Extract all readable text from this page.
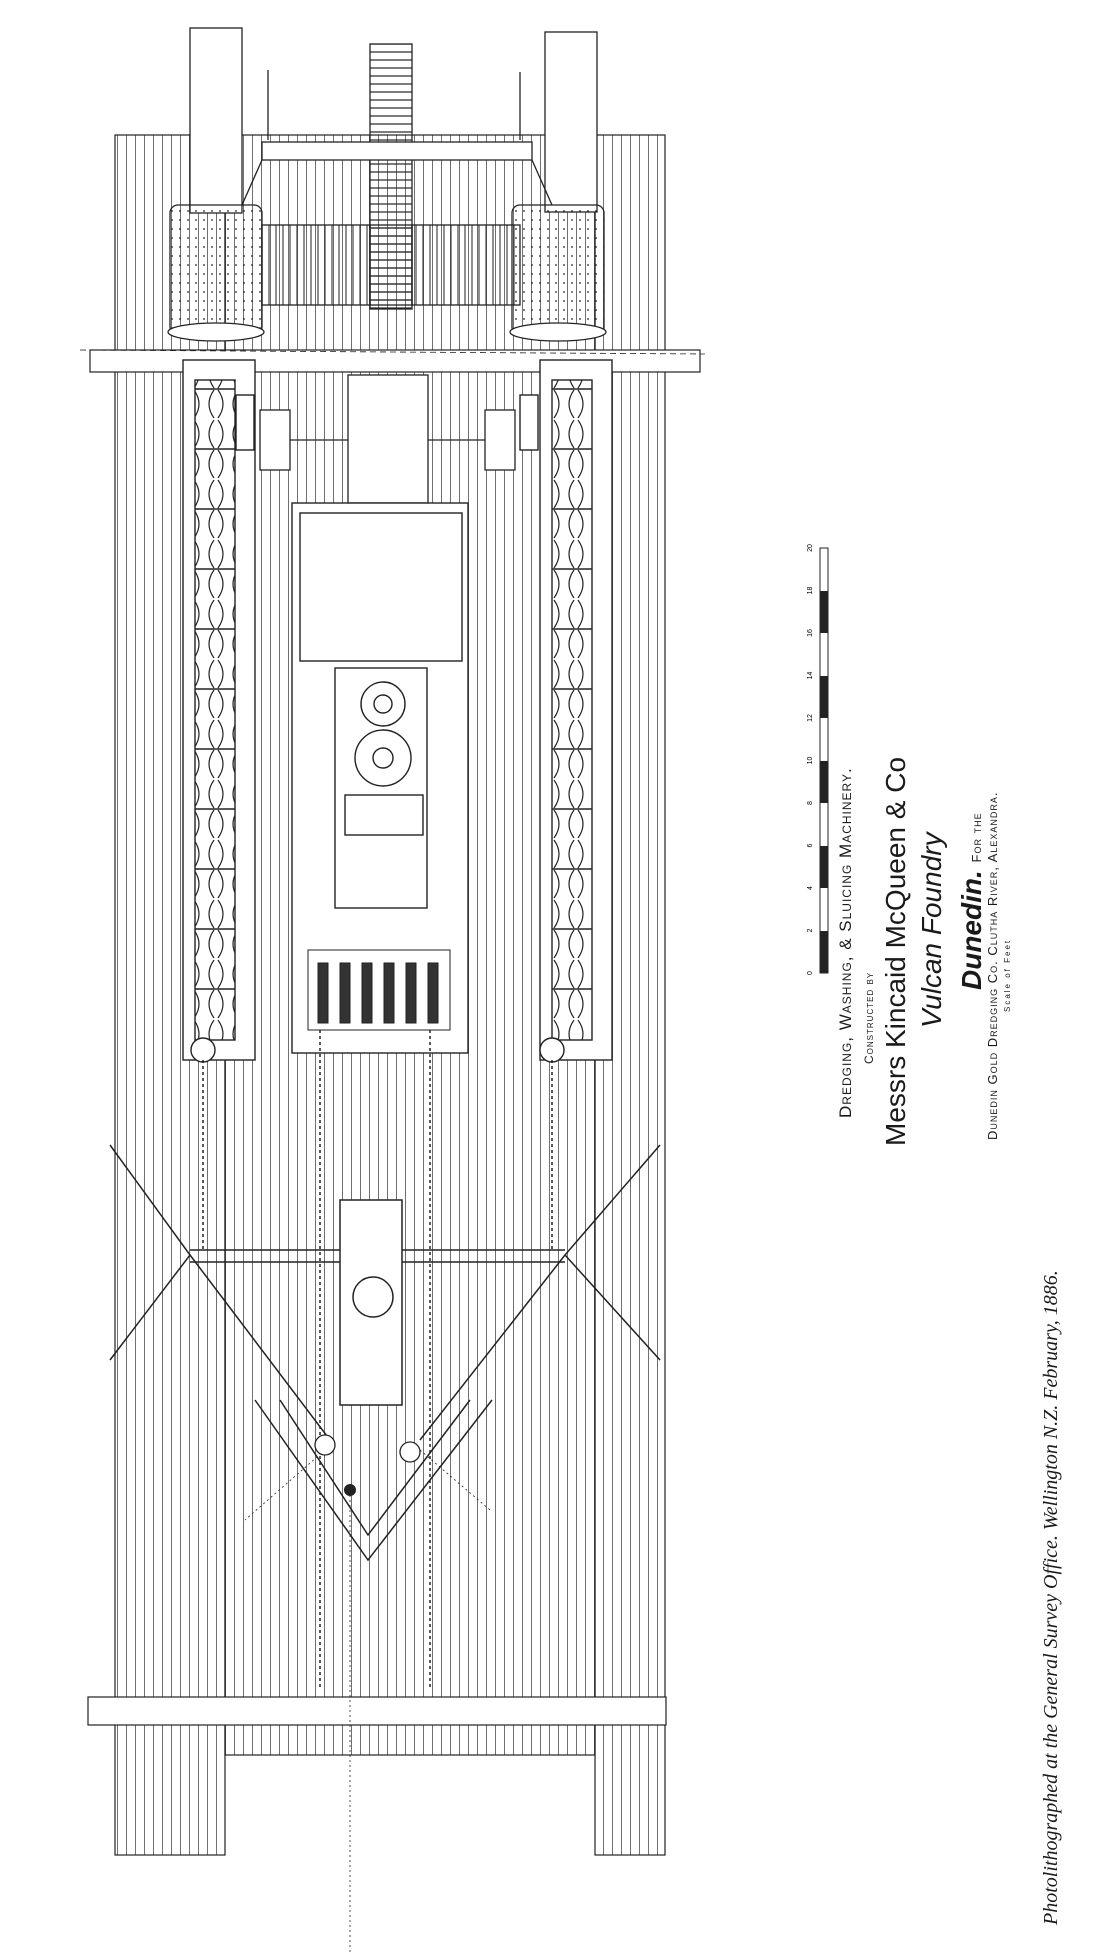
0
2
4
6
8
10
12
14
16
18
20
Dredging, Washing, & Sluicing Machinery. Constructed by Messrs Kincaid McQueen & Co Vulcan Foundry Dunedin. For the Dunedin Gold Dredging Co. Clutha River, Alexandra. Scale of Feet
Photolithographed at the General Survey Office. Wellington N.Z. February, 1886.
